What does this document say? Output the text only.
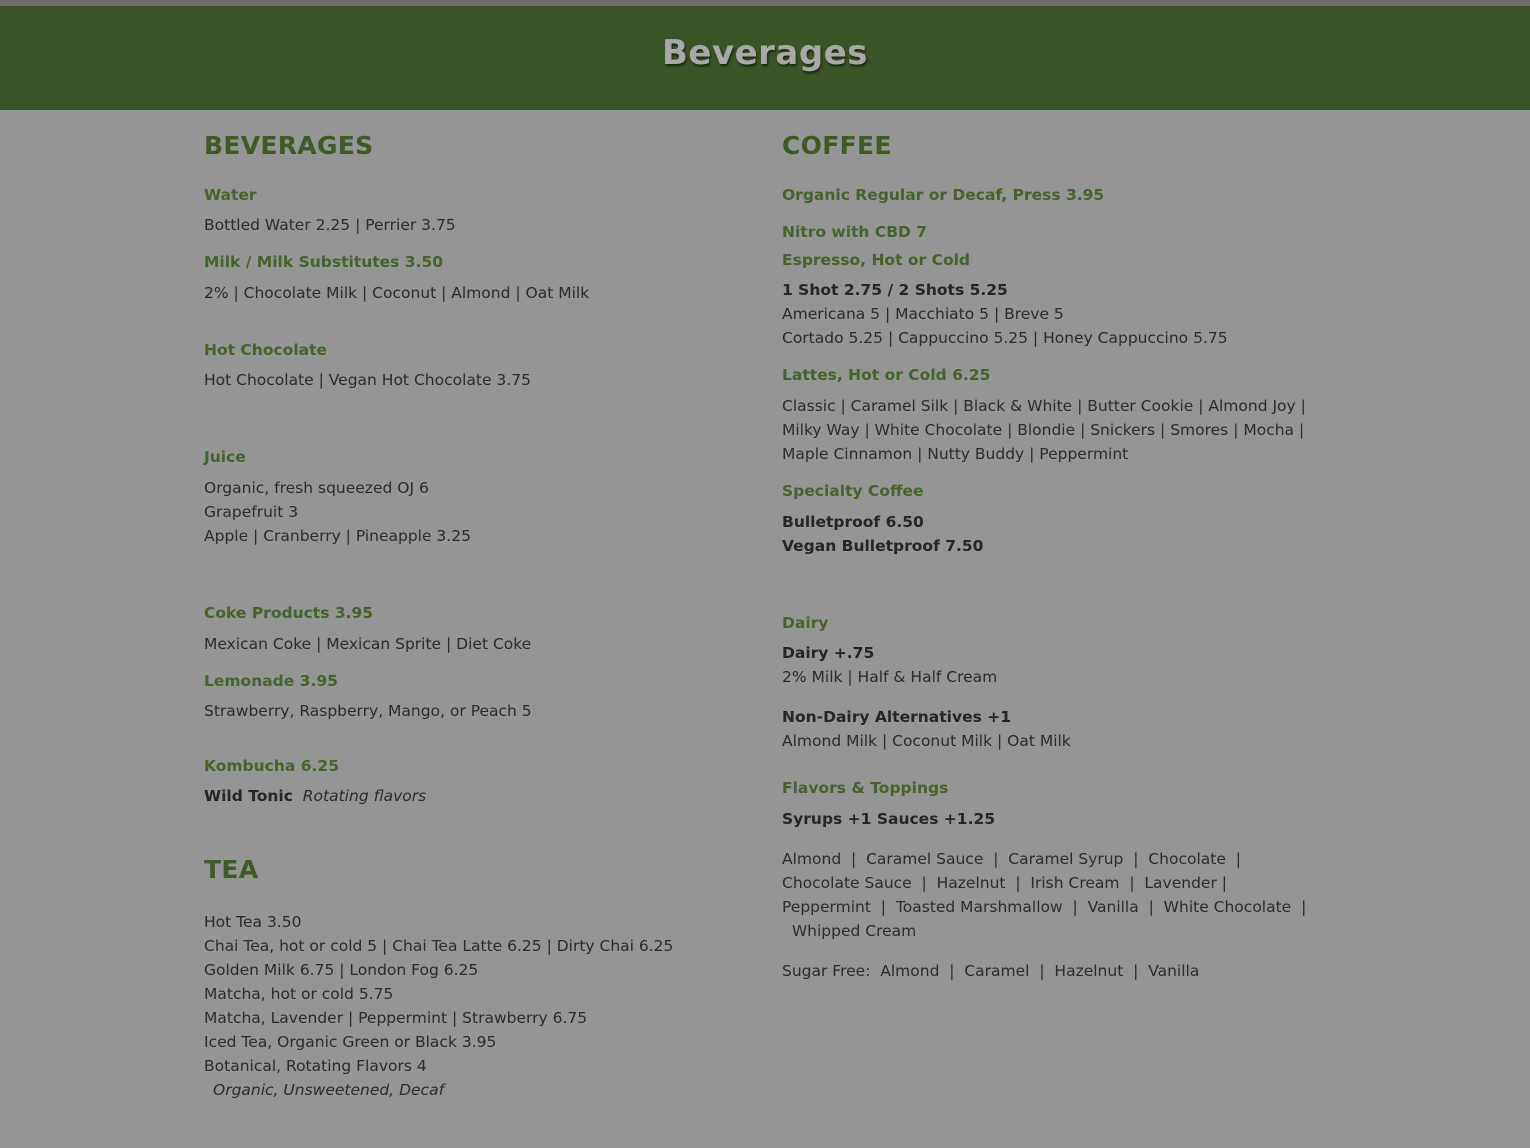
Beverages
BEVERAGES
Water
Bottled Water 2.25 | Perrier 3.75
Milk / Milk Substitutes 3.50
2% | Chocolate Milk | Coconut | Almond | Oat Milk
Hot Chocolate
Hot Chocolate | Vegan Hot Chocolate 3.75
Juice
Organic, fresh squeezed OJ 6
Grapefruit 3
Apple | Cranberry | Pineapple 3.25
Coke Products 3.95
Mexican Coke | Mexican Sprite | Diet Coke
Lemonade 3.95
Strawberry, Raspberry, Mango, or Peach 5
Kombucha 6.25
Wild Tonic Rotating flavors
TEA
Hot Tea 3.50
Chai Tea, hot or cold 5 | Chai Tea Latte 6.25 | Dirty Chai 6.25
Golden Milk 6.75 | London Fog 6.25
Matcha, hot or cold 5.75
Matcha, Lavender | Peppermint | Strawberry 6.75
Iced Tea, Organic Green or Black 3.95
Botanical, Rotating Flavors 4
Organic, Unsweetened, Decaf
COFFEE
Organic Regular or Decaf, Press 3.95
Nitro with CBD 7
Espresso, Hot or Cold
1 Shot 2.75 / 2 Shots 5.25
Americana 5 | Macchiato 5 | Breve 5
Cortado 5.25 | Cappuccino 5.25 | Honey Cappuccino 5.75
Lattes, Hot or Cold 6.25
Classic | Caramel Silk | Black & White | Butter Cookie | Almond Joy |
Milky Way | White Chocolate | Blondie | Snickers | Smores | Mocha |
Maple Cinnamon | Nutty Buddy | Peppermint
Specialty Coffee
Bulletproof 6.50
Vegan Bulletproof 7.50
Dairy
Dairy +.75
2% Milk | Half & Half Cream
Non-Dairy Alternatives +1
Almond Milk | Coconut Milk | Oat Milk
Flavors & Toppings
Syrups +1 Sauces +1.25
Almond  |  Caramel Sauce  |  Caramel Syrup  |  Chocolate  |
Chocolate Sauce  |  Hazelnut  |  Irish Cream  |  Lavender |
Peppermint  |  Toasted Marshmallow  |  Vanilla  |  White Chocolate  |
Whipped Cream
Sugar Free:  Almond  |  Caramel  |  Hazelnut  |  Vanilla
